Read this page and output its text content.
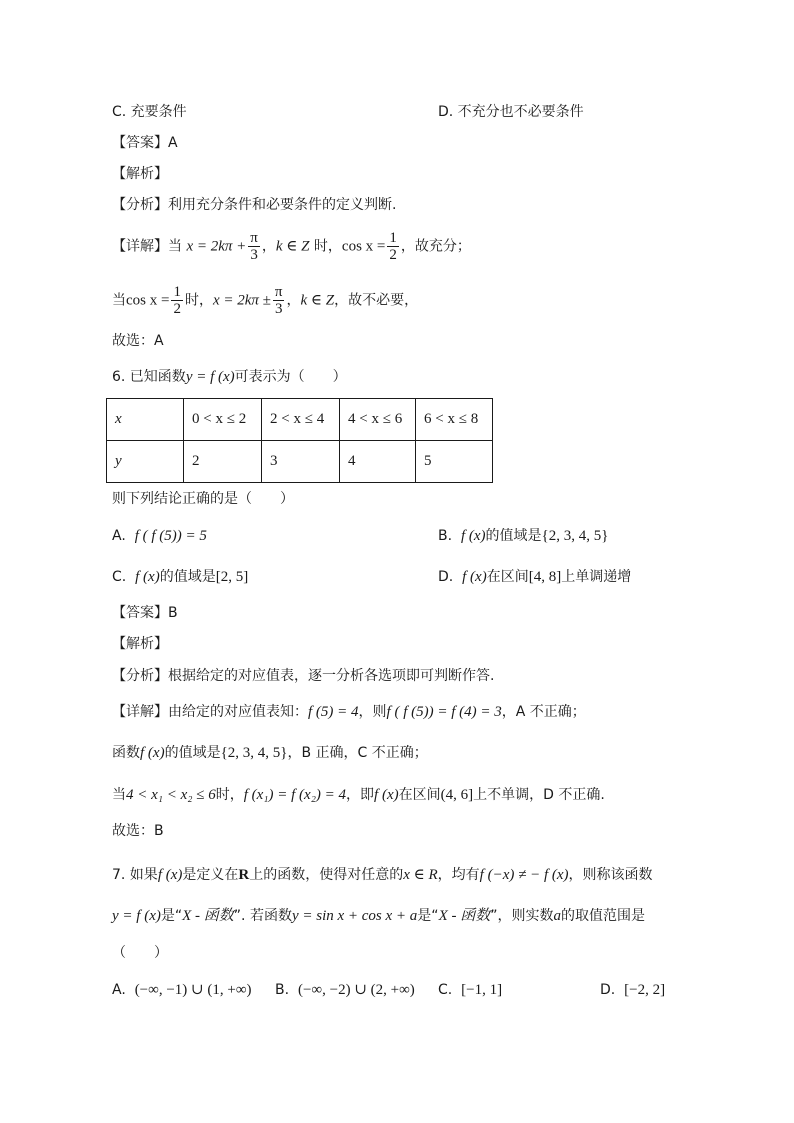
C. 充要条件	D. 不充分也不必要条件
【答案】A
【解析】
【分析】利用充分条件和必要条件的定义判断.
【详解】当 $x = 2k\pi + \frac{\pi}{3}$ ，k ∈ Z 时，$\cos x = \frac{1}{2}$ ，故充分；
当$\cos x = \frac{1}{2}$ 时，$x = 2k\pi \pm \frac{\pi}{3}$ ，k ∈ Z，故不必要，
故选：A
6. 已知函数y = f (x)可表示为（　　）
x	0 < x ≤ 2	2 < x ≤ 4	4 < x ≤ 6	6 < x ≤ 8
y	2	3	4	5
则下列结论正确的是（　　）
A. f ( f (5)) = 5	B. f (x)的值域是{2, 3, 4, 5}
C. f (x)的值域是[2, 5]	D. f (x)在区间[4, 8]上单调递增
【答案】B
【解析】
【分析】根据给定的对应值表，逐一分析各选项即可判断作答.
【详解】由给定的对应值表知：f (5) = 4，则f ( f (5)) = f (4) = 3，A 不正确；
函数f (x)的值域是{2, 3, 4, 5}，B 正确，C 不正确；
当4 < x₁ < x₂ ≤ 6时，f (x₁) = f (x₂) = 4，即f (x)在区间(4, 6]上不单调，D 不正确.
故选：B
7. 如果f (x)是定义在R上的函数，使得对任意的x ∈ R，均有f (−x) ≠ − f (x)，则称该函数
y = f (x)是“X - 函数”. 若函数y = sin x + cos x + a是“X - 函数”，则实数a的取值范围是
（　　）
A. (−∞, −1) ∪ (1, +∞) B. (−∞, −2) ∪ (2, +∞) C. [−1, 1]	D. [−2, 2]
